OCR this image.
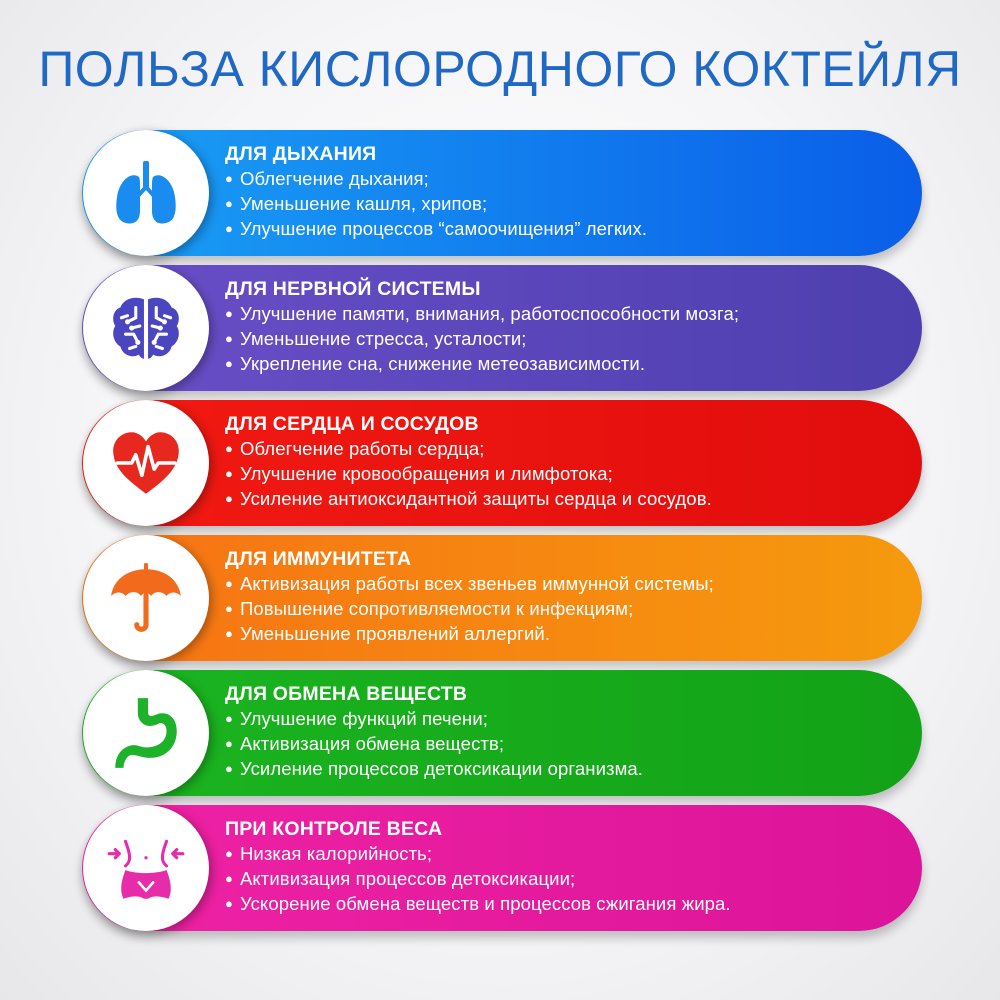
ПОЛЬЗА КИСЛОРОДНОГО КОКТЕЙЛЯ
ДЛЯ ДЫХАНИЯ
● Облегчение дыхания;
● Уменьшение кашля, хрипов;
● Улучшение процессов “самоочищения” легких.
ДЛЯ НЕРВНОЙ СИСТЕМЫ
● Улучшение памяти, внимания, работоспособности мозга;
● Уменьшение стресса, усталости;
● Укрепление сна, снижение метеозависимости.
ДЛЯ СЕРДЦА И СОСУДОВ
● Облегчение работы сердца;
● Улучшение кровообращения и лимфотока;
● Усиление антиоксидантной защиты сердца и сосудов.
ДЛЯ ИММУНИТЕТА
● Активизация работы всех звеньев иммунной системы;
● Повышение сопротивляемости к инфекциям;
● Уменьшение проявлений аллергий.
ДЛЯ ОБМЕНА ВЕЩЕСТВ
● Улучшение функций печени;
● Активизация обмена веществ;
● Усиление процессов детоксикации организма.
ПРИ КОНТРОЛЕ ВЕСА
● Низкая калорийность;
● Активизация процессов детоксикации;
● Ускорение обмена веществ и процессов сжигания жира.
